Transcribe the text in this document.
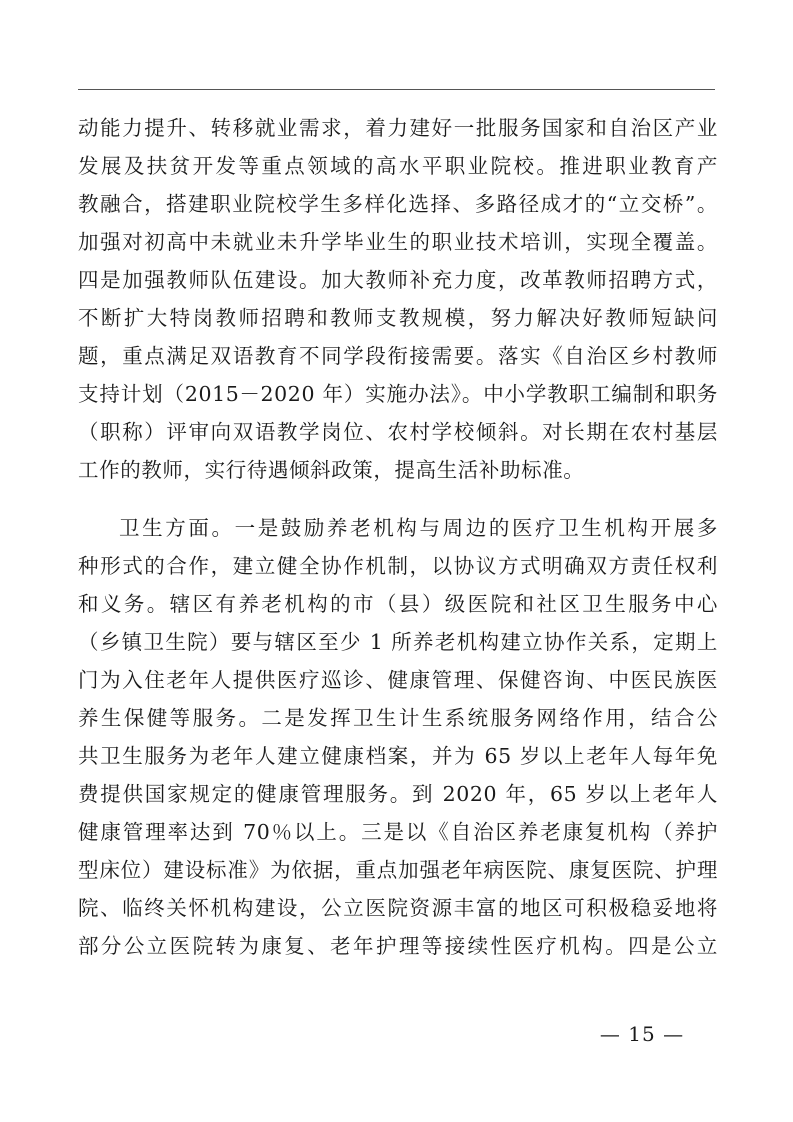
动能力提升、转移就业需求，着力建好一批服务国家和自治区产业
发展及扶贫开发等重点领域的高水平职业院校。推进职业教育产
教融合，搭建职业院校学生多样化选择、多路径成才的“立交桥”。
加强对初高中未就业未升学毕业生的职业技术培训，实现全覆盖。
四是加强教师队伍建设。加大教师补充力度，改革教师招聘方式，
不断扩大特岗教师招聘和教师支教规模，努力解决好教师短缺问
题，重点满足双语教育不同学段衔接需要。落实《自治区乡村教师
支持计划（2015－2020 年）实施办法》。中小学教职工编制和职务
（职称）评审向双语教学岗位、农村学校倾斜。对长期在农村基层
工作的教师，实行待遇倾斜政策，提高生活补助标准。
卫生方面。一是鼓励养老机构与周边的医疗卫生机构开展多
种形式的合作，建立健全协作机制，以协议方式明确双方责任权利
和义务。辖区有养老机构的市（县）级医院和社区卫生服务中心
（乡镇卫生院）要与辖区至少 1 所养老机构建立协作关系，定期上
门为入住老年人提供医疗巡诊、健康管理、保健咨询、中医民族医
养生保健等服务。二是发挥卫生计生系统服务网络作用，结合公
共卫生服务为老年人建立健康档案，并为 65 岁以上老年人每年免
费提供国家规定的健康管理服务。到 2020 年，65 岁以上老年人
健康管理率达到 70％以上。三是以《自治区养老康复机构（养护
型床位）建设标准》为依据，重点加强老年病医院、康复医院、护理
院、临终关怀机构建设，公立医院资源丰富的地区可积极稳妥地将
部分公立医院转为康复、老年护理等接续性医疗机构。四是公立
— 15 —
